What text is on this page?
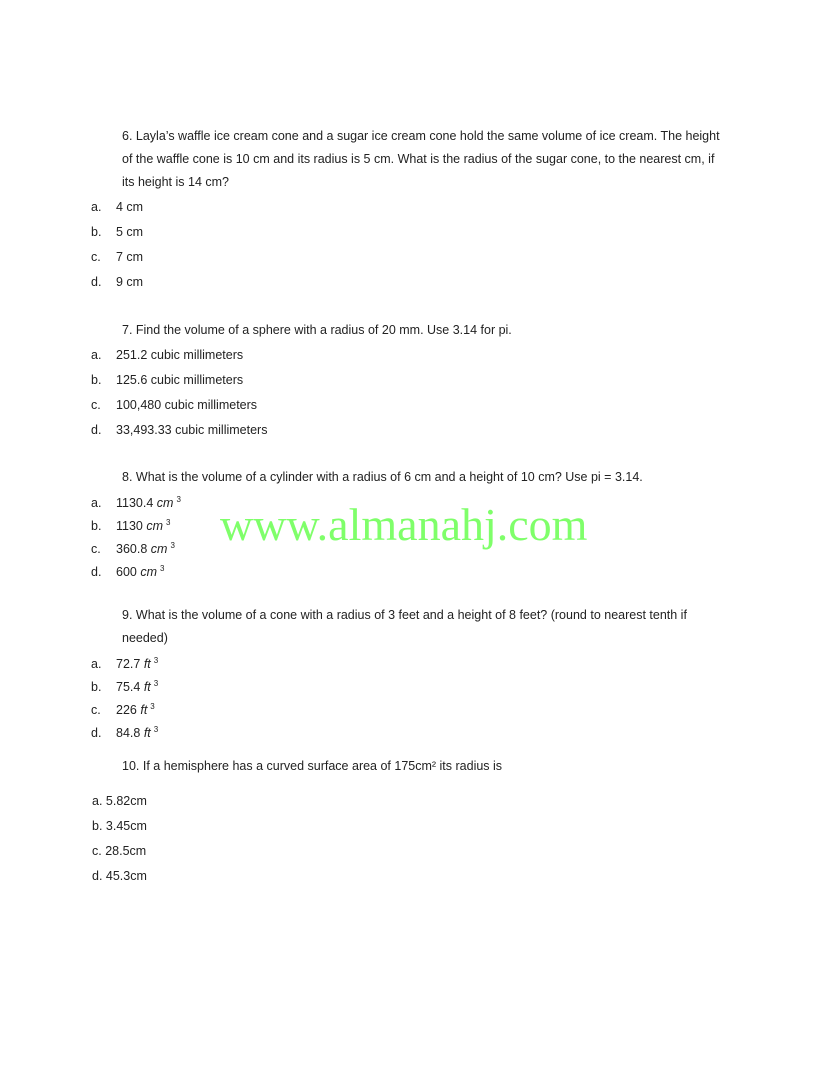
6. Layla’s waffle ice cream cone and a sugar ice cream cone hold the same volume of ice cream. The height
of the waffle cone is 10 cm and its radius is 5 cm. What is the radius of the sugar cone, to the nearest cm, if
its height is 14 cm?
a. 4 cm
b. 5 cm
c. 7 cm
d. 9 cm
7. Find the volume of a sphere with a radius of 20 mm. Use 3.14 for pi.
a. 251.2 cubic millimeters
b. 125.6 cubic millimeters
c. 100,480 cubic millimeters
d. 33,493.33 cubic millimeters
8. What is the volume of a cylinder with a radius of 6 cm and a height of 10 cm? Use pi = 3.14.
a. 1130.4 cm $^3$
b. 1130 cm $^3$
c. 360.8 cm $^3$
d. 600 cm $^3$
9. What is the volume of a cone with a radius of 3 feet and a height of 8 feet? (round to nearest tenth if
needed)
a. 72.7 ft $^3$
b. 75.4 ft $^3$
c. 226 ft $^3$
d. 84.8 ft $^3$
10. If a hemisphere has a curved surface area of 175cm² its radius is
a. 5.82cm
b. 3.45cm
c. 28.5cm
d. 45.3cm
www.almanahj.com
